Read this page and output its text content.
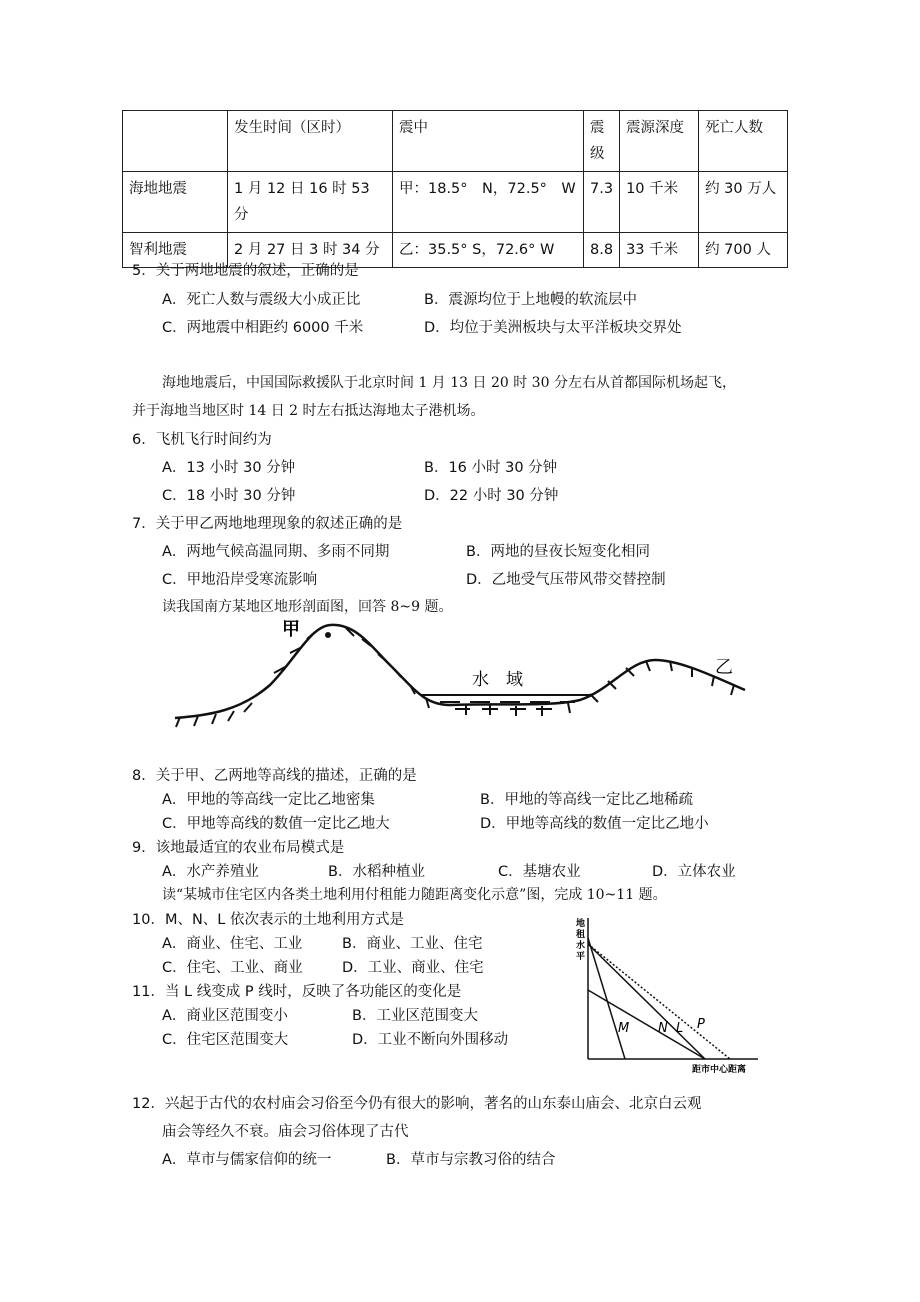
	发生时间（区时）	震中	震级	震源深度	死亡人数
海地地震	1 月 12 日 16 时 53 分	甲：18.5°　N，72.5°　W	7.3	10 千米	约 30 万人
智利地震	2 月 27 日 3 时 34 分	乙：35.5° S，72.6° W	8.8	33 千米	约 700 人
5．关于两地地震的叙述，正确的是
A．死亡人数与震级大小成正比	B．震源均位于上地幔的软流层中
C．两地震中相距约 6000 千米	D．均位于美洲板块与太平洋板块交界处
海地地震后，中国国际救援队于北京时间 1 月 13 日 20 时 30 分左右从首都国际机场起飞，
并于海地当地区时 14 日 2 时左右抵达海地太子港机场。
6．飞机飞行时间约为
A．13 小时 30 分钟	B．16 小时 30 分钟
C．18 小时 30 分钟	D．22 小时 30 分钟
7．关于甲乙两地地理现象的叙述正确的是
A．两地气候高温同期、多雨不同期	B．两地的昼夜长短变化相同
C．甲地沿岸受寒流影响	D．乙地受气压带风带交替控制
读我国南方某地区地形剖面图，回答 8~9 题。
甲
乙
水　域
8．关于甲、乙两地等高线的描述，正确的是
A．甲地的等高线一定比乙地密集	B．甲地的等高线一定比乙地稀疏
C．甲地等高线的数值一定比乙地大	D．甲地等高线的数值一定比乙地小
9．该地最适宜的农业布局模式是
A．水产养殖业	B．水稻种植业	C．基塘农业	D．立体农业
读“某城市住宅区内各类土地利用付租能力随距离变化示意”图，完成 10~11 题。
10．M、N、L 依次表示的土地利用方式是
A．商业、住宅、工业	B．商业、工业、住宅
C．住宅、工业、商业	D．工业、商业、住宅
11．当 L 线变成 P 线时，反映了各功能区的变化是
A．商业区范围变小	B．工业区范围变大
C．住宅区范围变大	D．工业不断向外围移动
地 租 水 平
距市中心距离
M N L P
12．兴起于古代的农村庙会习俗至今仍有很大的影响，著名的山东泰山庙会、北京白云观
庙会等经久不衰。庙会习俗体现了古代
A．草市与儒家信仰的统一	B．草市与宗教习俗的结合
